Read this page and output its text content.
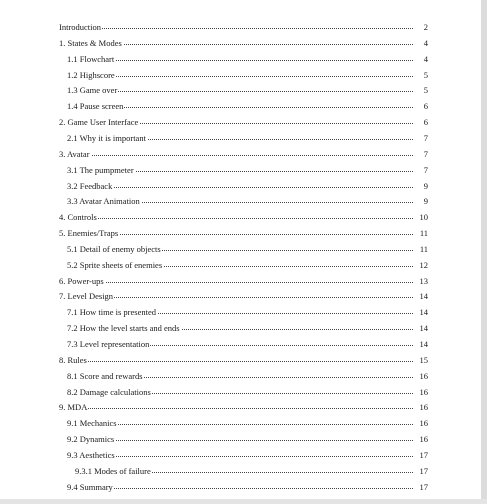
Introduction	2
1. States & Modes	4
1.1 Flowchart	4
1.2 Highscore	5
1.3 Game over	5
1.4 Pause screen	6
2. Game User Interface	6
2.1 Why it is important	7
3. Avatar	7
3.1 The pumpmeter	7
3.2 Feedback	9
3.3 Avatar Animation	9
4. Controls	10
5. Enemies/Traps	11
5.1 Detail of enemy objects	11
5.2 Sprite sheets of enemies	12
6. Power-ups	13
7. Level Design	14
7.1 How time is presented	14
7.2 How the level starts and ends	14
7.3 Level representation	14
8. Rules	15
8.1 Score and rewards	16
8.2 Damage calculations	16
9. MDA	16
9.1 Mechanics	16
9.2 Dynamics	16
9.3 Aesthetics	17
9.3.1 Modes of failure	17
9.4 Summary	17
